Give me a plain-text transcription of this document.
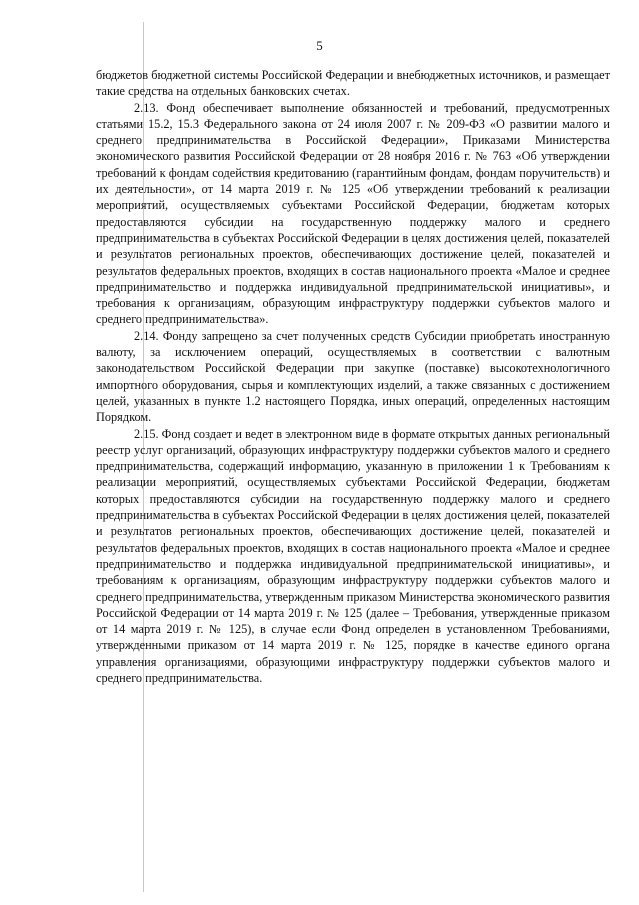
5

бюджетов бюджетной системы Российской Федерации и внебюджетных источников, и размещает такие средства на отдельных банковских счетах.

2.13. Фонд обеспечивает выполнение обязанностей и требований, предусмотренных статьями 15.2, 15.3 Федерального закона от 24 июля 2007 г. № 209-ФЗ «О развитии малого и среднего предпринимательства в Российской Федерации», Приказами Министерства экономического развития Российской Федерации от 28 ноября 2016 г. № 763 «Об утверждении требований к фондам содействия кредитованию (гарантийным фондам, фондам поручительств) и их деятельности», от 14 марта 2019 г. № 125 «Об утверждении требований к реализации мероприятий, осуществляемых субъектами Российской Федерации, бюджетам которых предоставляются субсидии на государственную поддержку малого и среднего предпринимательства в субъектах Российской Федерации в целях достижения целей, показателей и результатов региональных проектов, обеспечивающих достижение целей, показателей и результатов федеральных проектов, входящих в состав национального проекта «Малое и среднее предпринимательство и поддержка индивидуальной предпринимательской инициативы», и требования к организациям, образующим инфраструктуру поддержки субъектов малого и среднего предпринимательства».

2.14. Фонду запрещено за счет полученных средств Субсидии приобретать иностранную валюту, за исключением операций, осуществляемых в соответствии с валютным законодательством Российской Федерации при закупке (поставке) высокотехнологичного импортного оборудования, сырья и комплектующих изделий, а также связанных с достижением целей, указанных в пункте 1.2 настоящего Порядка, иных операций, определенных настоящим Порядком.

2.15. Фонд создает и ведет в электронном виде в формате открытых данных региональный реестр услуг организаций, образующих инфраструктуру поддержки субъектов малого и среднего предпринимательства, содержащий информацию, указанную в приложении 1 к Требованиям к реализации мероприятий, осуществляемых субъектами Российской Федерации, бюджетам которых предоставляются субсидии на государственную поддержку малого и среднего предпринимательства в субъектах Российской Федерации в целях достижения целей, показателей и результатов региональных проектов, обеспечивающих достижение целей, показателей и результатов федеральных проектов, входящих в состав национального проекта «Малое и среднее предпринимательство и поддержка индивидуальной предпринимательской инициативы», и требованиям к организациям, образующим инфраструктуру поддержки субъектов малого и среднего предпринимательства, утвержденным приказом Министерства экономического развития Российской Федерации от 14 марта 2019 г. № 125 (далее – Требования, утвержденные приказом от 14 марта 2019 г. № 125), в случае если Фонд определен в установленном Требованиями, утвержденными приказом от 14 марта 2019 г. № 125, порядке в качестве единого органа управления организациями, образующими инфраструктуру поддержки субъектов малого и среднего предпринимательства.
